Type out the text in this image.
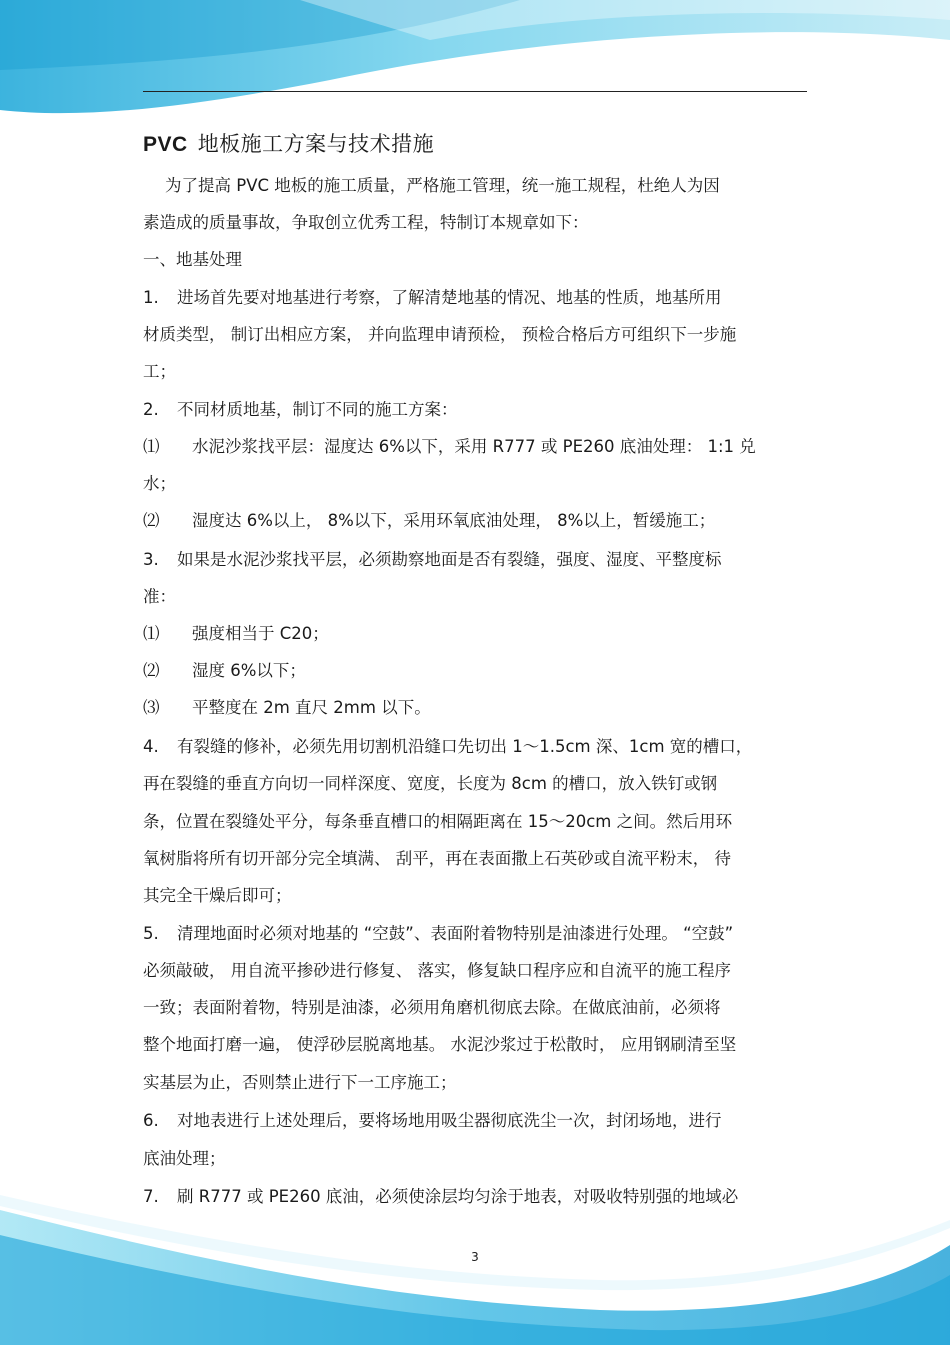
PVC 地板施工方案与技术措施
为了提高 PVC 地板的施工质量，严格施工管理，统一施工规程，杜绝人为因
素造成的质量事故，争取创立优秀工程，特制订本规章如下：
一、地基处理
1.	进场首先要对地基进行考察，了解清楚地基的情况、地基的性质，地基所用
材质类型， 制订出相应方案， 并向监理申请预检， 预检合格后方可组织下一步施
工；
2.	不同材质地基，制订不同的施工方案：
⑴	水泥沙浆找平层：湿度达 6%以下，采用 R777 或 PE260 底油处理： 1:1 兑
水；
⑵	湿度达 6%以上， 8%以下，采用环氧底油处理， 8%以上，暂缓施工；
3.	如果是水泥沙浆找平层，必须勘察地面是否有裂缝，强度、湿度、平整度标
准：
⑴	强度相当于 C20；
⑵	湿度 6%以下；
⑶	平整度在 2m 直尺 2mm 以下。
4.	有裂缝的修补，必须先用切割机沿缝口先切出 1～1.5cm 深、1cm 宽的槽口，
再在裂缝的垂直方向切一同样深度、宽度，长度为 8cm 的槽口，放入铁钉或钢
条，位置在裂缝处平分，每条垂直槽口的相隔距离在 15～20cm 之间。然后用环
氧树脂将所有切开部分完全填满、 刮平，再在表面撒上石英砂或自流平粉末， 待
其完全干燥后即可；
5.	清理地面时必须对地基的 “空鼓”、表面附着物特别是油漆进行处理。 “空鼓”
必须敲破， 用自流平掺砂进行修复、 落实，修复缺口程序应和自流平的施工程序
一致；表面附着物，特别是油漆，必须用角磨机彻底去除。在做底油前，必须将
整个地面打磨一遍， 使浮砂层脱离地基。 水泥沙浆过于松散时， 应用钢刷清至坚
实基层为止，否则禁止进行下一工序施工；
6.	对地表进行上述处理后，要将场地用吸尘器彻底洗尘一次，封闭场地，进行
底油处理；
7.	刷 R777 或 PE260 底油，必须使涂层均匀涂于地表，对吸收特别强的地域必
3
